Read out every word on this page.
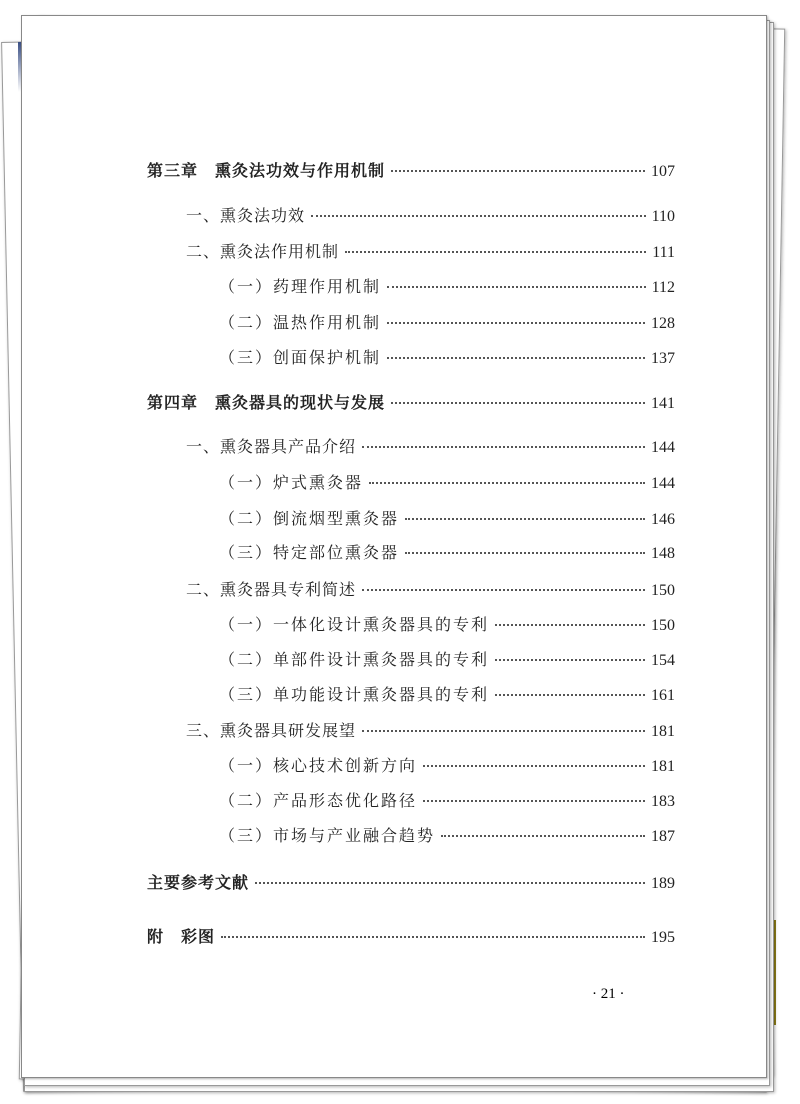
第三章　熏灸法功效与作用机制	107
一、熏灸法功效	110
二、熏灸法作用机制	111
（一）药理作用机制	112
（二）温热作用机制	128
（三）创面保护机制	137
第四章　熏灸器具的现状与发展	141
一、熏灸器具产品介绍	144
（一）炉式熏灸器	144
（二）倒流烟型熏灸器	146
（三）特定部位熏灸器	148
二、熏灸器具专利简述	150
（一）一体化设计熏灸器具的专利	150
（二）单部件设计熏灸器具的专利	154
（三）单功能设计熏灸器具的专利	161
三、熏灸器具研发展望	181
（一）核心技术创新方向	181
（二）产品形态优化路径	183
（三）市场与产业融合趋势	187
主要参考文献	189
附　彩图	195
· 21 ·
